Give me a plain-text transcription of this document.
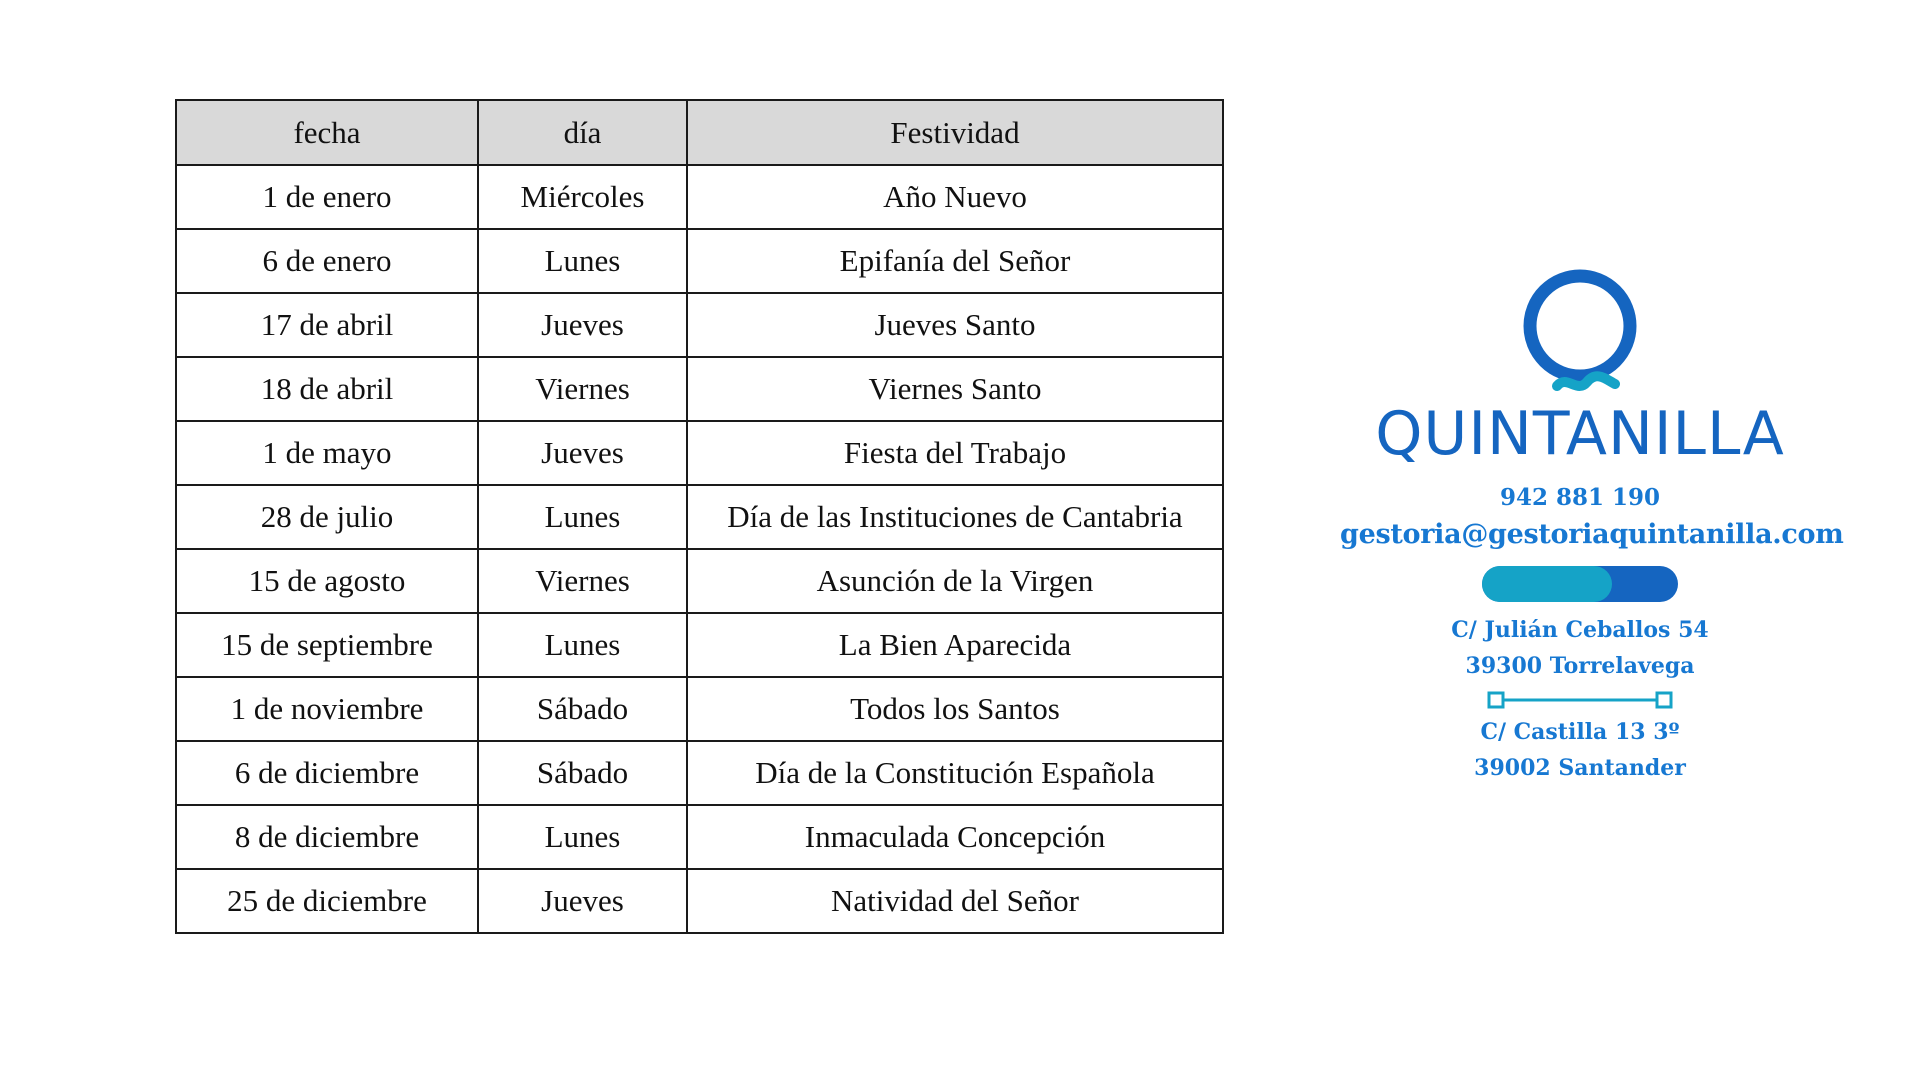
fecha	día	Festividad
1 de enero	Miércoles	Año Nuevo
6 de enero	Lunes	Epifanía del Señor
17 de abril	Jueves	Jueves Santo
18 de abril	Viernes	Viernes Santo
1 de mayo	Jueves	Fiesta del Trabajo
28 de julio	Lunes	Día de las Instituciones de Cantabria
15 de agosto	Viernes	Asunción de la Virgen
15 de septiembre	Lunes	La Bien Aparecida
1 de noviembre	Sábado	Todos los Santos
6 de diciembre	Sábado	Día de la Constitución Española
8 de diciembre	Lunes	Inmaculada Concepción
25 de diciembre	Jueves	Natividad del Señor
QUINTANILLA
942 881 190
gestoria@gestoriaquintanilla.com
C/ Julián Ceballos 54
39300 Torrelavega
C/ Castilla 13 3º
39002 Santander
